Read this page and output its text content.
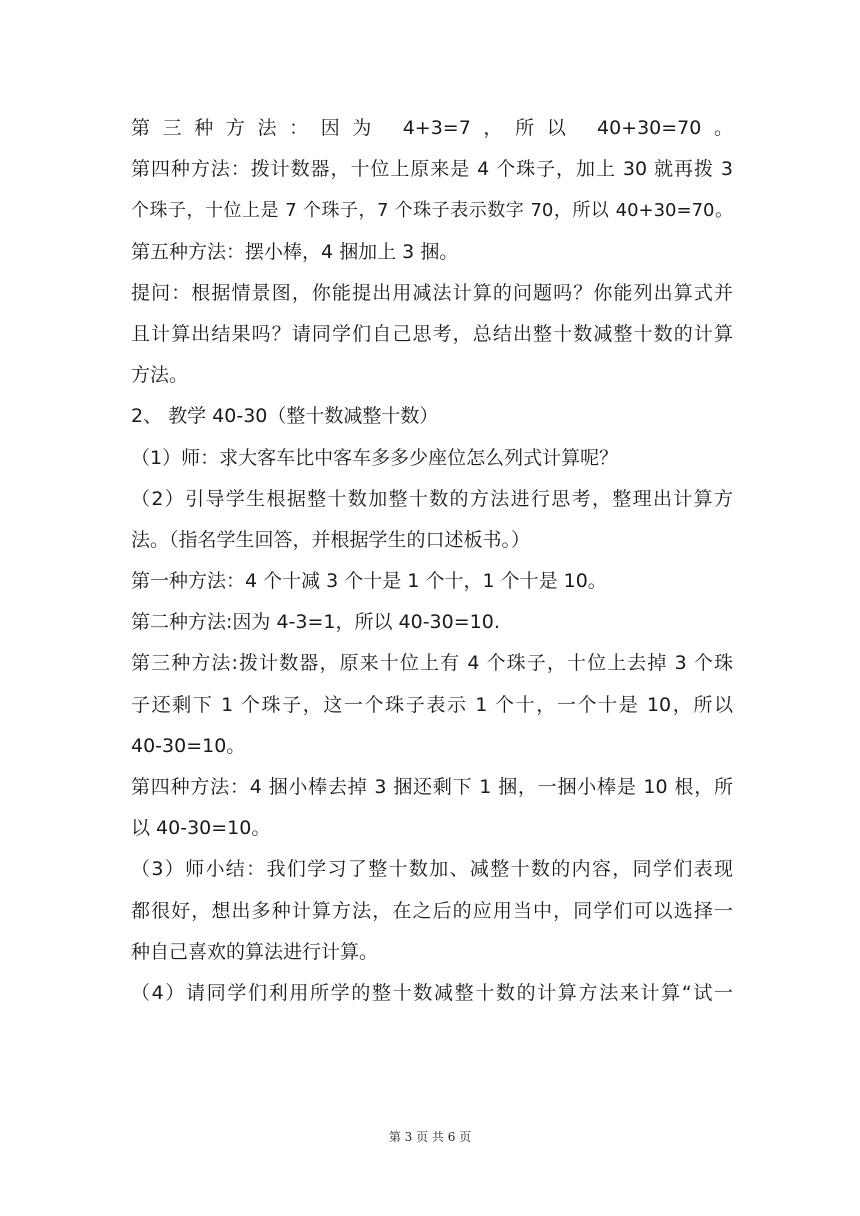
第三种方法：因为 4+3=7，所以 40+30=70。
第四种方法：拨计数器，十位上原来是 4 个珠子，加上 30 就再拨 3
个珠子，十位上是 7 个珠子，7 个珠子表示数字 70，所以 40+30=70。
第五种方法：摆小棒，4 捆加上 3 捆。
提问：根据情景图，你能提出用减法计算的问题吗？你能列出算式并
且计算出结果吗？请同学们自己思考，总结出整十数减整十数的计算
方法。
2、 教学 40-30（整十数减整十数）
（1）师：求大客车比中客车多多少座位怎么列式计算呢？
（2）引导学生根据整十数加整十数的方法进行思考，整理出计算方
法。（指名学生回答，并根据学生的口述板书。）
第一种方法：4 个十减 3 个十是 1 个十，1 个十是 10。
第二种方法:因为 4-3=1，所以 40-30=10.
第三种方法:拨计数器，原来十位上有 4 个珠子，十位上去掉 3 个珠
子还剩下 1 个珠子，这一个珠子表示 1 个十，一个十是 10，所以
40-30=10。
第四种方法：4 捆小棒去掉 3 捆还剩下 1 捆，一捆小棒是 10 根，所
以 40-30=10。
（3）师小结：我们学习了整十数加、减整十数的内容，同学们表现
都很好，想出多种计算方法，在之后的应用当中，同学们可以选择一
种自己喜欢的算法进行计算。
（4）请同学们利用所学的整十数减整十数的计算方法来计算“试一
第 3 页 共 6 页
